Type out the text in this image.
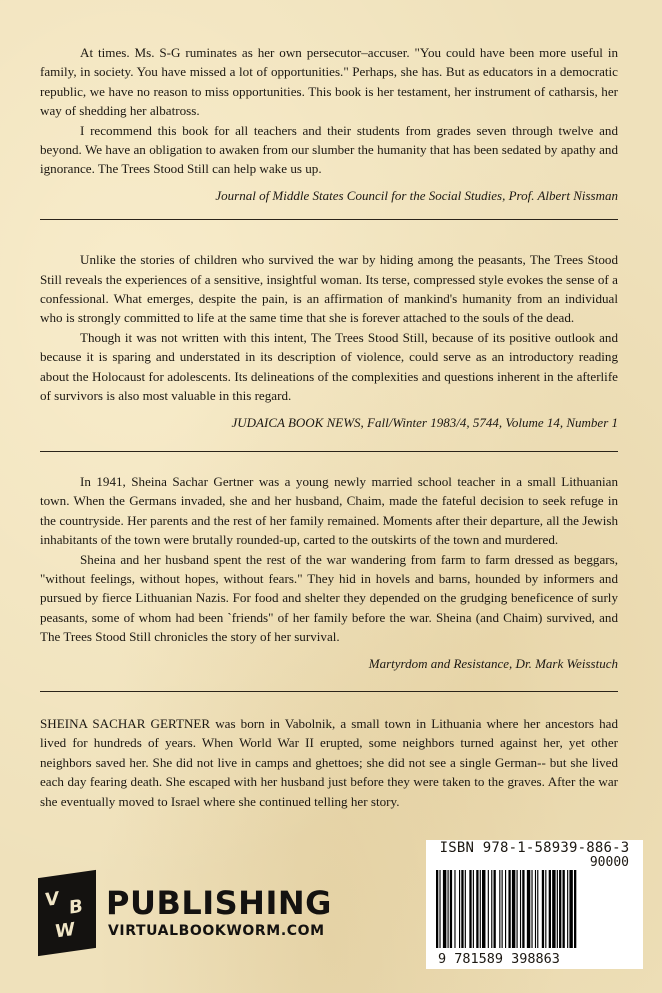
At times. Ms. S-G ruminates as her own persecutor–accuser. "You could have been more useful in family, in society. You have missed a lot of opportunities." Perhaps, she has. But as educators in a democratic republic, we have no reason to miss opportunities. This book is her testament, her instrument of catharsis, her way of shedding her albatross.

I recommend this book for all teachers and their students from grades seven through twelve and beyond. We have an obligation to awaken from our slumber the humanity that has been sedated by apathy and ignorance. The Trees Stood Still can help wake us up.

Journal of Middle States Council for the Social Studies, Prof. Albert Nissman

Unlike the stories of children who survived the war by hiding among the peasants, The Trees Stood Still reveals the experiences of a sensitive, insightful woman. Its terse, compressed style evokes the sense of a confessional. What emerges, despite the pain, is an affirmation of mankind's humanity from an individual who is strongly committed to life at the same time that she is forever attached to the souls of the dead.

Though it was not written with this intent, The Trees Stood Still, because of its positive outlook and because it is sparing and understated in its description of violence, could serve as an introductory reading about the Holocaust for adolescents. Its delineations of the complexities and questions inherent in the afterlife of survivors is also most valuable in this regard.

JUDAICA BOOK NEWS, Fall/Winter 1983/4, 5744, Volume 14, Number 1

In 1941, Sheina Sachar Gertner was a young newly married school teacher in a small Lithuanian town. When the Germans invaded, she and her husband, Chaim, made the fateful decision to seek refuge in the countryside. Her parents and the rest of her family remained. Moments after their departure, all the Jewish inhabitants of the town were brutally rounded-up, carted to the outskirts of the town and murdered.

Sheina and her husband spent the rest of the war wandering from farm to farm dressed as beggars, "without feelings, without hopes, without fears." They hid in hovels and barns, hounded by informers and pursued by fierce Lithuanian Nazis. For food and shelter they depended on the grudging beneficence of surly peasants, some of whom had been `friends" of her family before the war. Sheina (and Chaim) survived, and The Trees Stood Still chronicles the story of her survival.

Martyrdom and Resistance, Dr. Mark Weisstuch

SHEINA SACHAR GERTNER was born in Vabolnik, a small town in Lithuania where her ancestors had lived for hundreds of years. When World War II erupted, some neighbors turned against her, yet other neighbors saved her. She did not live in camps and ghettoes; she did not see a single German-- but she lived each day fearing death. She escaped with her husband just before they were taken to the graves. After the war she eventually moved to Israel where she continued telling her story.

V B
W
PUBLISHING
VIRTUALBOOKWORM.COM
ISBN 978-1-58939-886-3
90000
9 781589 398863
